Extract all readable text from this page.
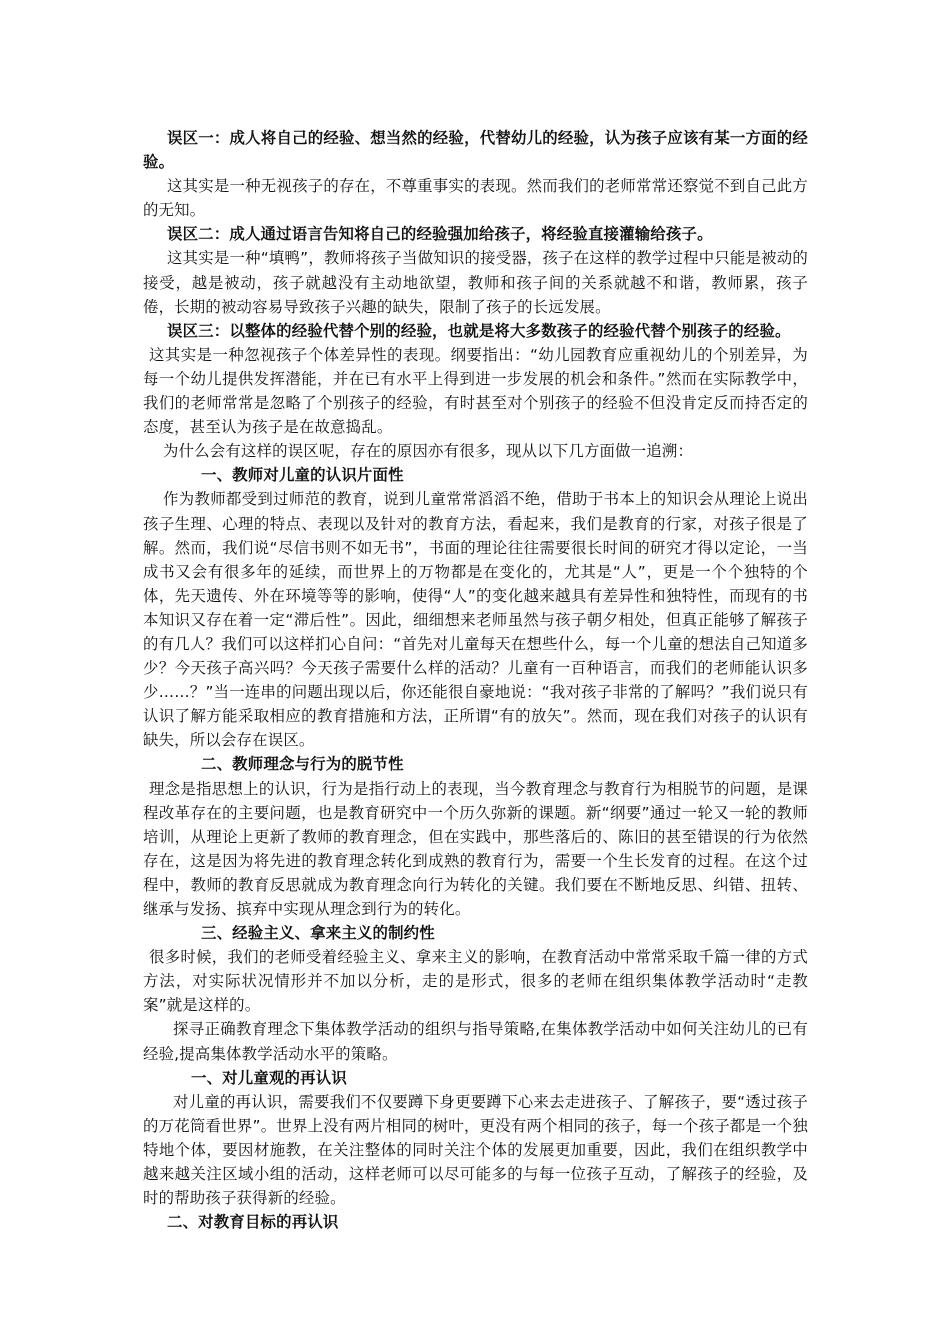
误区一：成人将自己的经验、想当然的经验，代替幼儿的经验，认为孩子应该有某一方面的经验。

这其实是一种无视孩子的存在，不尊重事实的表现。然而我们的老师常常还察觉不到自己此方的无知。

误区二：成人通过语言告知将自己的经验强加给孩子，将经验直接灌输给孩子。

这其实是一种“填鸭”，教师将孩子当做知识的接受器，孩子在这样的教学过程中只能是被动的接受，越是被动，孩子就越没有主动地欲望，教师和孩子间的关系就越不和谐，教师累，孩子倦，长期的被动容易导致孩子兴趣的缺失，限制了孩子的长远发展。

误区三：以整体的经验代替个别的经验，也就是将大多数孩子的经验代替个别孩子的经验。

这其实是一种忽视孩子个体差异性的表现。纲要指出：“幼儿园教育应重视幼儿的个别差异，为每一个幼儿提供发挥潜能，并在已有水平上得到进一步发展的机会和条件。”然而在实际教学中，我们的老师常常是忽略了个别孩子的经验，有时甚至对个别孩子的经验不但没肯定反而持否定的态度，甚至认为孩子是在故意捣乱。

为什么会有这样的误区呢，存在的原因亦有很多，现从以下几方面做一追溯：

一、教师对儿童的认识片面性

作为教师都受到过师范的教育，说到儿童常常滔滔不绝，借助于书本上的知识会从理论上说出孩子生理、心理的特点、表现以及针对的教育方法，看起来，我们是教育的行家，对孩子很是了解。然而，我们说“尽信书则不如无书”，书面的理论往往需要很长时间的研究才得以定论，一当成书又会有很多年的延续，而世界上的万物都是在变化的，尤其是“人”，更是一个个独特的个体，先天遗传、外在环境等等的影响，使得“人”的变化越来越具有差异性和独特性，而现有的书本知识又存在着一定“滞后性”。因此，细细想来老师虽然与孩子朝夕相处，但真正能够了解孩子的有几人？我们可以这样扪心自问：“首先对儿童每天在想些什么，每一个儿童的想法自己知道多少？今天孩子高兴吗？今天孩子需要什么样的活动？儿童有一百种语言，而我们的老师能认识多少……？”当一连串的问题出现以后，你还能很自豪地说：“我对孩子非常的了解吗？”我们说只有认识了解方能采取相应的教育措施和方法，正所谓“有的放矢”。然而，现在我们对孩子的认识有缺失，所以会存在误区。

二、教师理念与行为的脱节性

理念是指思想上的认识，行为是指行动上的表现，当今教育理念与教育行为相脱节的问题，是课程改革存在的主要问题，也是教育研究中一个历久弥新的课题。新“纲要”通过一轮又一轮的教师培训，从理论上更新了教师的教育理念，但在实践中，那些落后的、陈旧的甚至错误的行为依然存在，这是因为将先进的教育理念转化到成熟的教育行为，需要一个生长发育的过程。在这个过程中，教师的教育反思就成为教育理念向行为转化的关键。我们要在不断地反思、纠错、扭转、继承与发扬、摈弃中实现从理念到行为的转化。

三、经验主义、拿来主义的制约性

很多时候，我们的老师受着经验主义、拿来主义的影响，在教育活动中常常采取千篇一律的方式方法，对实际状况情形并不加以分析，走的是形式，很多的老师在组织集体教学活动时“走教案”就是这样的。

探寻正确教育理念下集体教学活动的组织与指导策略,在集体教学活动中如何关注幼儿的已有经验,提高集体教学活动水平的策略。

一、对儿童观的再认识

对儿童的再认识，需要我们不仅要蹲下身更要蹲下心来去走进孩子、了解孩子，要“透过孩子的万花筒看世界”。世界上没有两片相同的树叶，更没有两个相同的孩子，每一个孩子都是一个独特地个体，要因材施教，在关注整体的同时关注个体的发展更加重要，因此，我们在组织教学中越来越关注区域小组的活动，这样老师可以尽可能多的与每一位孩子互动，了解孩子的经验，及时的帮助孩子获得新的经验。

二、对教育目标的再认识
